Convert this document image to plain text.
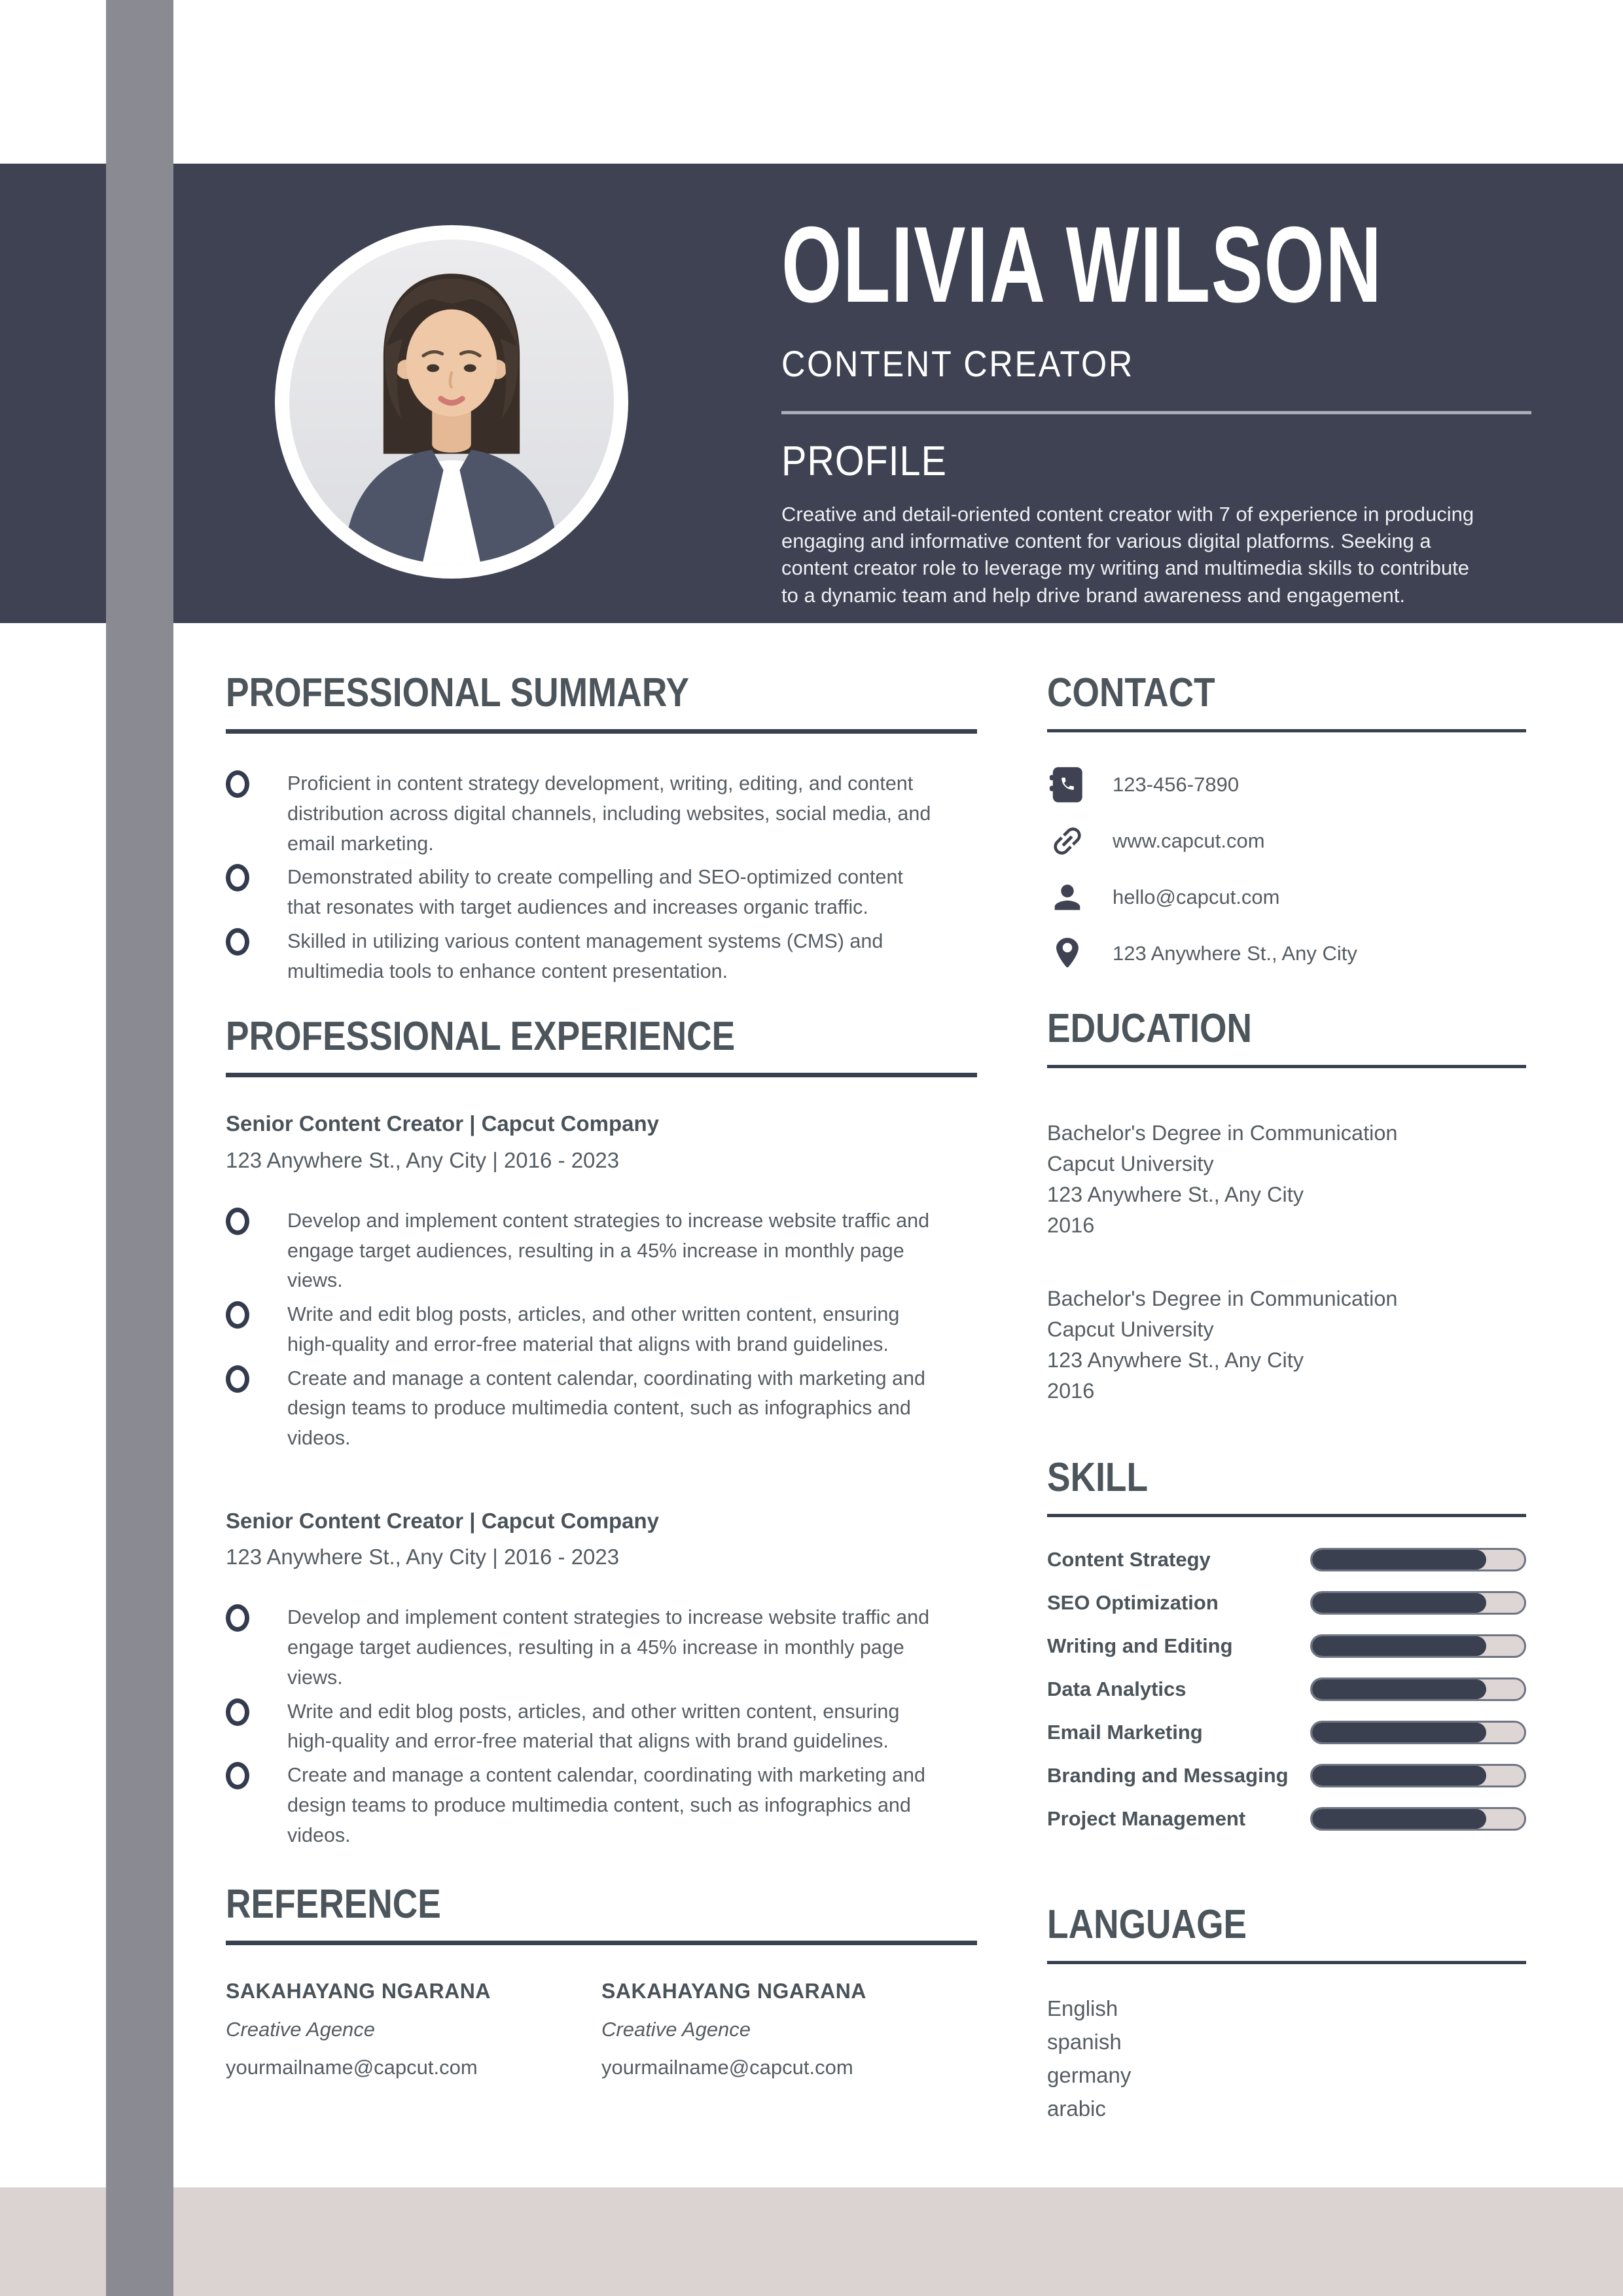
OLIVIA WILSON
CONTENT CREATOR
PROFILE

Creative and detail-oriented content creator with 7 of experience in producing engaging and informative content for various digital platforms. Seeking a content creator role to leverage my writing and multimedia skills to contribute to a dynamic team and help drive brand awareness and engagement.

PROFESSIONAL SUMMARY
Proficient in content strategy development, writing, editing, and content distribution across digital channels, including websites, social media, and email marketing.
Demonstrated ability to create compelling and SEO-optimized content that resonates with target audiences and increases organic traffic.
Skilled in utilizing various content management systems (CMS) and multimedia tools to enhance content presentation.
PROFESSIONAL EXPERIENCE
Senior Content Creator | Capcut Company
123 Anywhere St., Any City | 2016 - 2023
Develop and implement content strategies to increase website traffic and engage target audiences, resulting in a 45% increase in monthly page views.
Write and edit blog posts, articles, and other written content, ensuring high-quality and error-free material that aligns with brand guidelines.
Create and manage a content calendar, coordinating with marketing and design teams to produce multimedia content, such as infographics and videos.
Senior Content Creator | Capcut Company
123 Anywhere St., Any City | 2016 - 2023
Develop and implement content strategies to increase website traffic and engage target audiences, resulting in a 45% increase in monthly page views.
Write and edit blog posts, articles, and other written content, ensuring high-quality and error-free material that aligns with brand guidelines.
Create and manage a content calendar, coordinating with marketing and design teams to produce multimedia content, such as infographics and videos.
REFERENCE
SAKAHAYANG NGARANA
Creative Agence
yourmailname@capcut.com
SAKAHAYANG NGARANA
Creative Agence
yourmailname@capcut.com
CONTACT
123-456-7890
www.capcut.com
hello@capcut.com
123 Anywhere St., Any City
EDUCATION
Bachelor's Degree in Communication
Capcut University
123 Anywhere St., Any City
2016
Bachelor's Degree in Communication
Capcut University
123 Anywhere St., Any City
2016
SKILL
Content Strategy
SEO Optimization
Writing and Editing
Data Analytics
Email Marketing
Branding and Messaging
Project Management
LANGUAGE
English
spanish
germany
arabic
